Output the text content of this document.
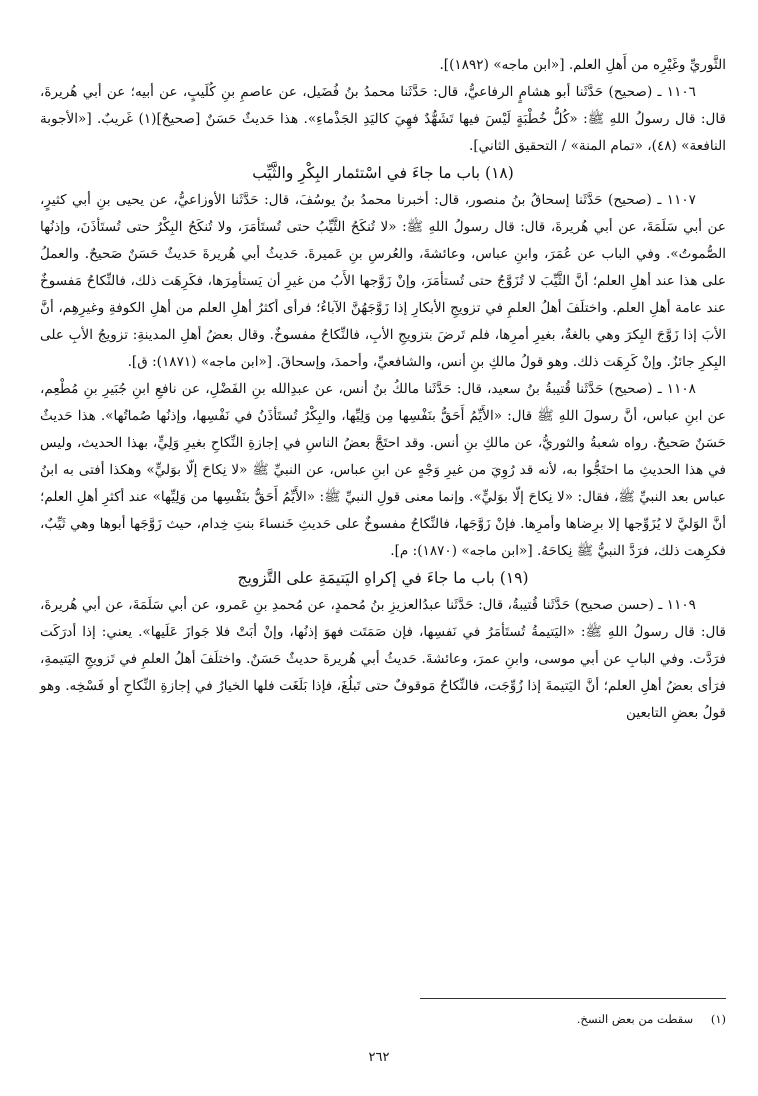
الثَّوريِّ وغَيْرِه من أَهلِ العلم. [«ابن ماجه» (١٨٩٢)].

١١٠٦ ـ (صحيح) حَدَّثَنا أبو هشامٍ الرفاعيُّ، قال: حَدَّثَنا محمدُ بنُ فُضَيل، عن عاصمِ بنِ كُلَيبٍ، عن أبيه؛ عن أبي هُريرةَ، قال: قال رسولُ اللهِ ﷺ: «كُلُّ خُطْبَةٍ لَيْسَ فيها تَشَهُّدٌ فهِيَ كاليَدِ الجَذْماءِ». هذا حَديثٌ حَسَنٌ [صحيحٌ](١) غَريبٌ. [«الأجوبة النافعة» (٤٨)، «تمام المنة» / التحقيق الثاني].

(١٨) باب ما جاءَ في اسْتئمار البِكْرِ والثَّيِّب

١١٠٧ ـ (صحيح) حَدَّثَنا إسحاقُ بنُ منصور، قال: أخبرنا محمدُ بنُ يوسُفَ، قال: حَدَّثَنا الأوزاعيُّ، عن يحيى بنِ أبي كثيرٍ، عن أبي سَلَمَةَ، عن أبي هُريرةَ، قال: قال رسولُ اللهِ ﷺ: «لا تُنكَحُ الثَّيِّبُ حتى تُستَأمَرَ، ولا تُنكَحُ البِكْرُ حتى تُستَأذَنَ، وإذنُها الصُّموتُ». وفي الباب عن عُمَرَ، وابنِ عباس، وعائشةَ، والعُرسِ بنِ عَميرةَ. حَديثُ أبي هُريرةَ حَديثٌ حَسَنٌ صَحيحٌ. والعملُ على هذا عند أهلِ العلم؛ أنَّ الثَّيِّبَ لا تُزَوَّجُ حتى تُستأمَرَ، وإنْ زَوَّجها الأَبُ من غيرِ أن يَستأمِرَها، فكَرِهَت ذلك، فالنِّكاحُ مَفسوخٌ عند عامة أهلِ العلم. واختلَفَ أهلُ العلمِ في تزويجِ الأبكارِ إذا زَوَّجَهُنَّ الآباءُ؛ فرأى أكثرُ أهلِ العلم من أهلِ الكوفةِ وغيرِهِم، أنَّ الأبَ إذا زَوَّجَ البِكرَ وهي بالغةٌ، بغيرِ أمرِها، فلم تَرضَ بتزويجِ الأبِ، فالنِّكاحُ مفسوخٌ. وقال بعضُ أهلِ المدينةِ: تزويجُ الأبِ على البِكرِ جائزٌ. وإنْ كَرِهَت ذلك. وهو قولُ مالكِ بنِ أنس، والشافعيِّ، وأحمدَ، وإسحاقَ. [«ابن ماجه» (١٨٧١): ق].

١١٠٨ ـ (صحيح) حَدَّثَنا قُتيبةُ بنُ سعيد، قال: حَدَّثَنا مالكُ بنُ أنس، عن عبدِالله بنِ الفَضْلِ، عن نافعِ ابنِ جُبَيرِ بنِ مُطْعِم، عن ابنِ عباس، أنَّ رسولَ اللهِ ﷺ قال: «الأَيِّمُ أَحَقُّ بنَفْسِها مِن وَلِيِّها، والبِكْرُ تُستَأذَنُ في نَفْسِها، وإذنُها صُماتُها». هذا حَديثٌ حَسَنٌ صَحيحٌ. رواه شعبةُ والثوريُّ، عن مالكِ بنِ أنس. وقد احتَجَّ بعضُ الناسِ في إجازةِ النِّكاحِ بغيرِ وَلِيٍّ، بهذا الحديث، وليس في هذا الحديثِ ما احتَجُّوا به، لأنه قد رُوِيَ من غيرِ وَجْهٍ عن ابنِ عباس، عن النبيِّ ﷺ «لا نِكاحَ إلّا بوَليٍّ» وهكذا أفتى به ابنُ عباس بعد النبيِّ ﷺ، فقال: «لا نِكاحَ إلّا بوَليٍّ». وإنما معنى قولِ النبيِّ ﷺ: «الأَيِّمُ أَحَقُّ بنَفْسِها من وَلِيِّها» عند أكثرِ أهلِ العلم؛ أنَّ الوَليَّ لا يُزَوِّجها إلا برِضاها وأمرِها. فإنْ زَوَّجَها، فالنِّكاحُ مفسوخٌ على حَديثِ خَنساءَ بنتِ خِدام، حيث زَوَّجَها أبوها وهي ثَيِّبٌ، فكرِهت ذلك، فرَدَّ النبيُّ ﷺ نِكاحَهُ. [«ابن ماجه» (١٨٧٠): م].

(١٩) باب ما جاءَ في إكراهِ اليَتيمَةِ على التَّزويج

١١٠٩ ـ (حسن صحيح) حَدَّثَنا قُتيبةُ، قال: حَدَّثَنا عبدُالعزيزِ بنُ مُحمدٍ، عن مُحمدِ بنِ عَمرو، عن أبي سَلَمَةَ، عن أبي هُريرةَ، قال: قال رسولُ اللهِ ﷺ: «اليَتيمةُ تُستَأمَرُ في نَفسِها، فإن صَمَتَت فهوَ إذنُها، وإنْ أبَتْ فلا جَوازَ عَلَيها». يعني: إذا أدرَكَت فرَدَّت. وفي البابِ عن أبي موسى، وابنِ عمرَ، وعائشةَ. حَديثُ أبي هُريرةَ حديثٌ حَسَنٌ. واختلَفَ أهلُ العلمِ في تَزويجِ اليَتيمةِ، فرَأى بعضُ أهلِ العلم؛ أنَّ اليَتيمةَ إذا زُوِّجَت، فالنِّكاحُ مَوقوفٌ حتى تَبلُغَ، فإذا بَلَغَت فلها الخيارُ في إجازةِ النِّكاحِ أو فَسْخِه. وهو قولُ بعضِ التابعين

(١) سقطت من بعض النسخ.
٢٦٢
